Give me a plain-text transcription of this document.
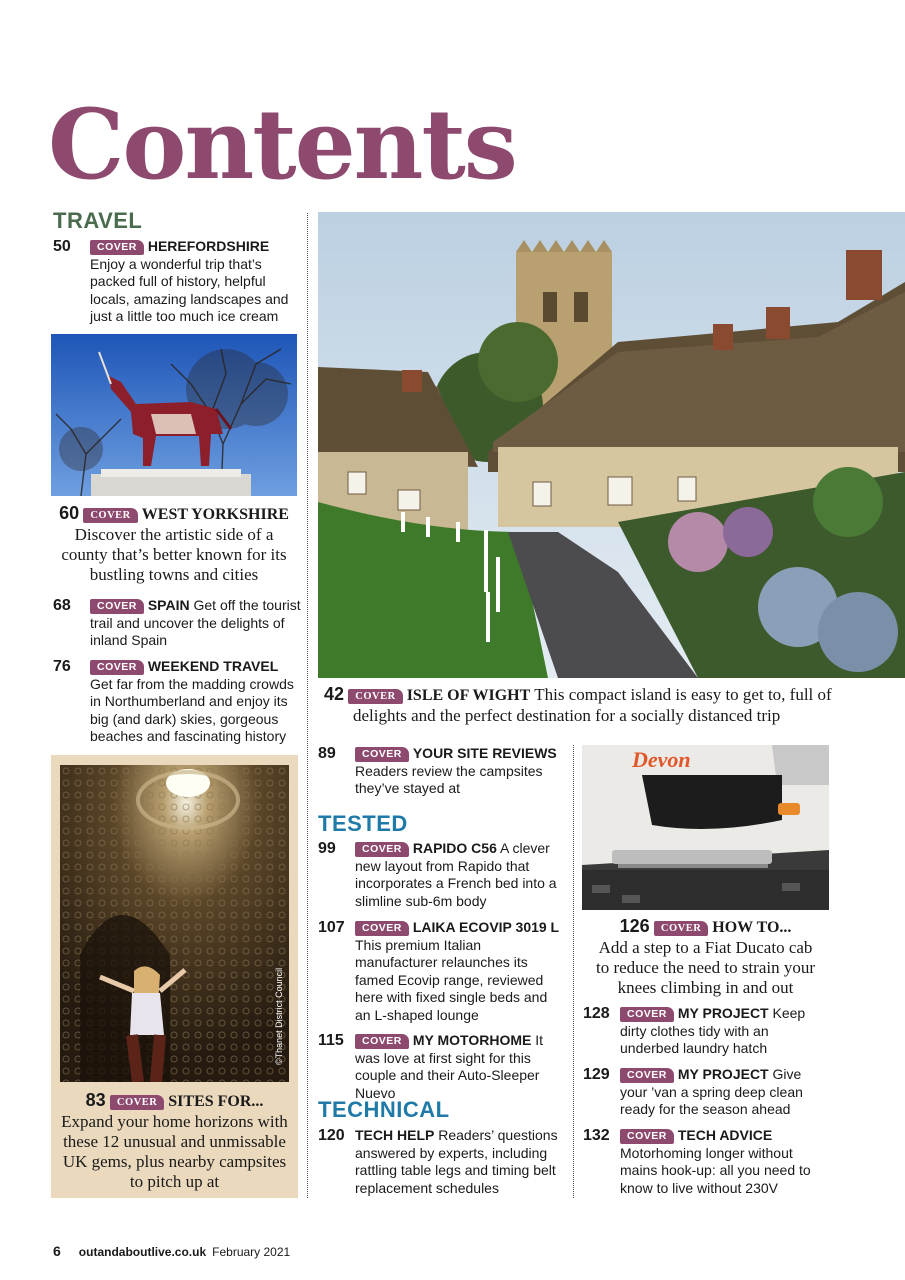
Contents
TRAVEL
TESTED
TECHNICAL
50	COVER HEREFORDSHIRE Enjoy a wonderful trip that’s packed full of history, helpful locals, amazing landscapes and just a little too much ice cream
60 COVER WEST YORKSHIRE
Discover the artistic side of a
county that’s better known for its
bustling towns and cities
68	COVER SPAIN Get off the tourist trail and uncover the delights of inland Spain
76	COVER WEEKEND TRAVEL Get far from the madding crowds in Northumberland and enjoy its big (and dark) skies, gorgeous beaches and fascinating history
©Thanet District Council
83 COVER SITES FOR...
Expand your home horizons with
these 12 unusual and unmissable
UK gems, plus nearby campsites
to pitch up at
42 COVER ISLE OF WIGHT This compact island is easy to get to, full of
delights and the perfect destination for a socially distanced trip
89	COVER YOUR SITE REVIEWS Readers review the campsites they’ve stayed at
99	COVER RAPIDO C56 A clever new layout from Rapido that incorporates a French bed into a slimline sub-6m body
107	COVER LAIKA ECOVIP 3019 L This premium Italian manufacturer relaunches its famed Ecovip range, reviewed here with fixed single beds and an L-shaped lounge
115	COVER MY MOTORHOME It was love at first sight for this couple and their Auto-Sleeper Nuevo
120 TECH HELP Readers’ questions answered by experts, including rattling table legs and timing belt replacement schedules
Devon
126 COVER HOW TO...
Add a step to a Fiat Ducato cab
to reduce the need to strain your
knees climbing in and out
128	COVER MY PROJECT Keep dirty clothes tidy with an underbed laundry hatch
129	COVER MY PROJECT Give your ’van a spring deep clean ready for the season ahead
132	COVER TECH ADVICE Motorhoming longer without mains hook-up: all you need to know to live without 230V
6 outandaboutlive.co.uk February 2021
